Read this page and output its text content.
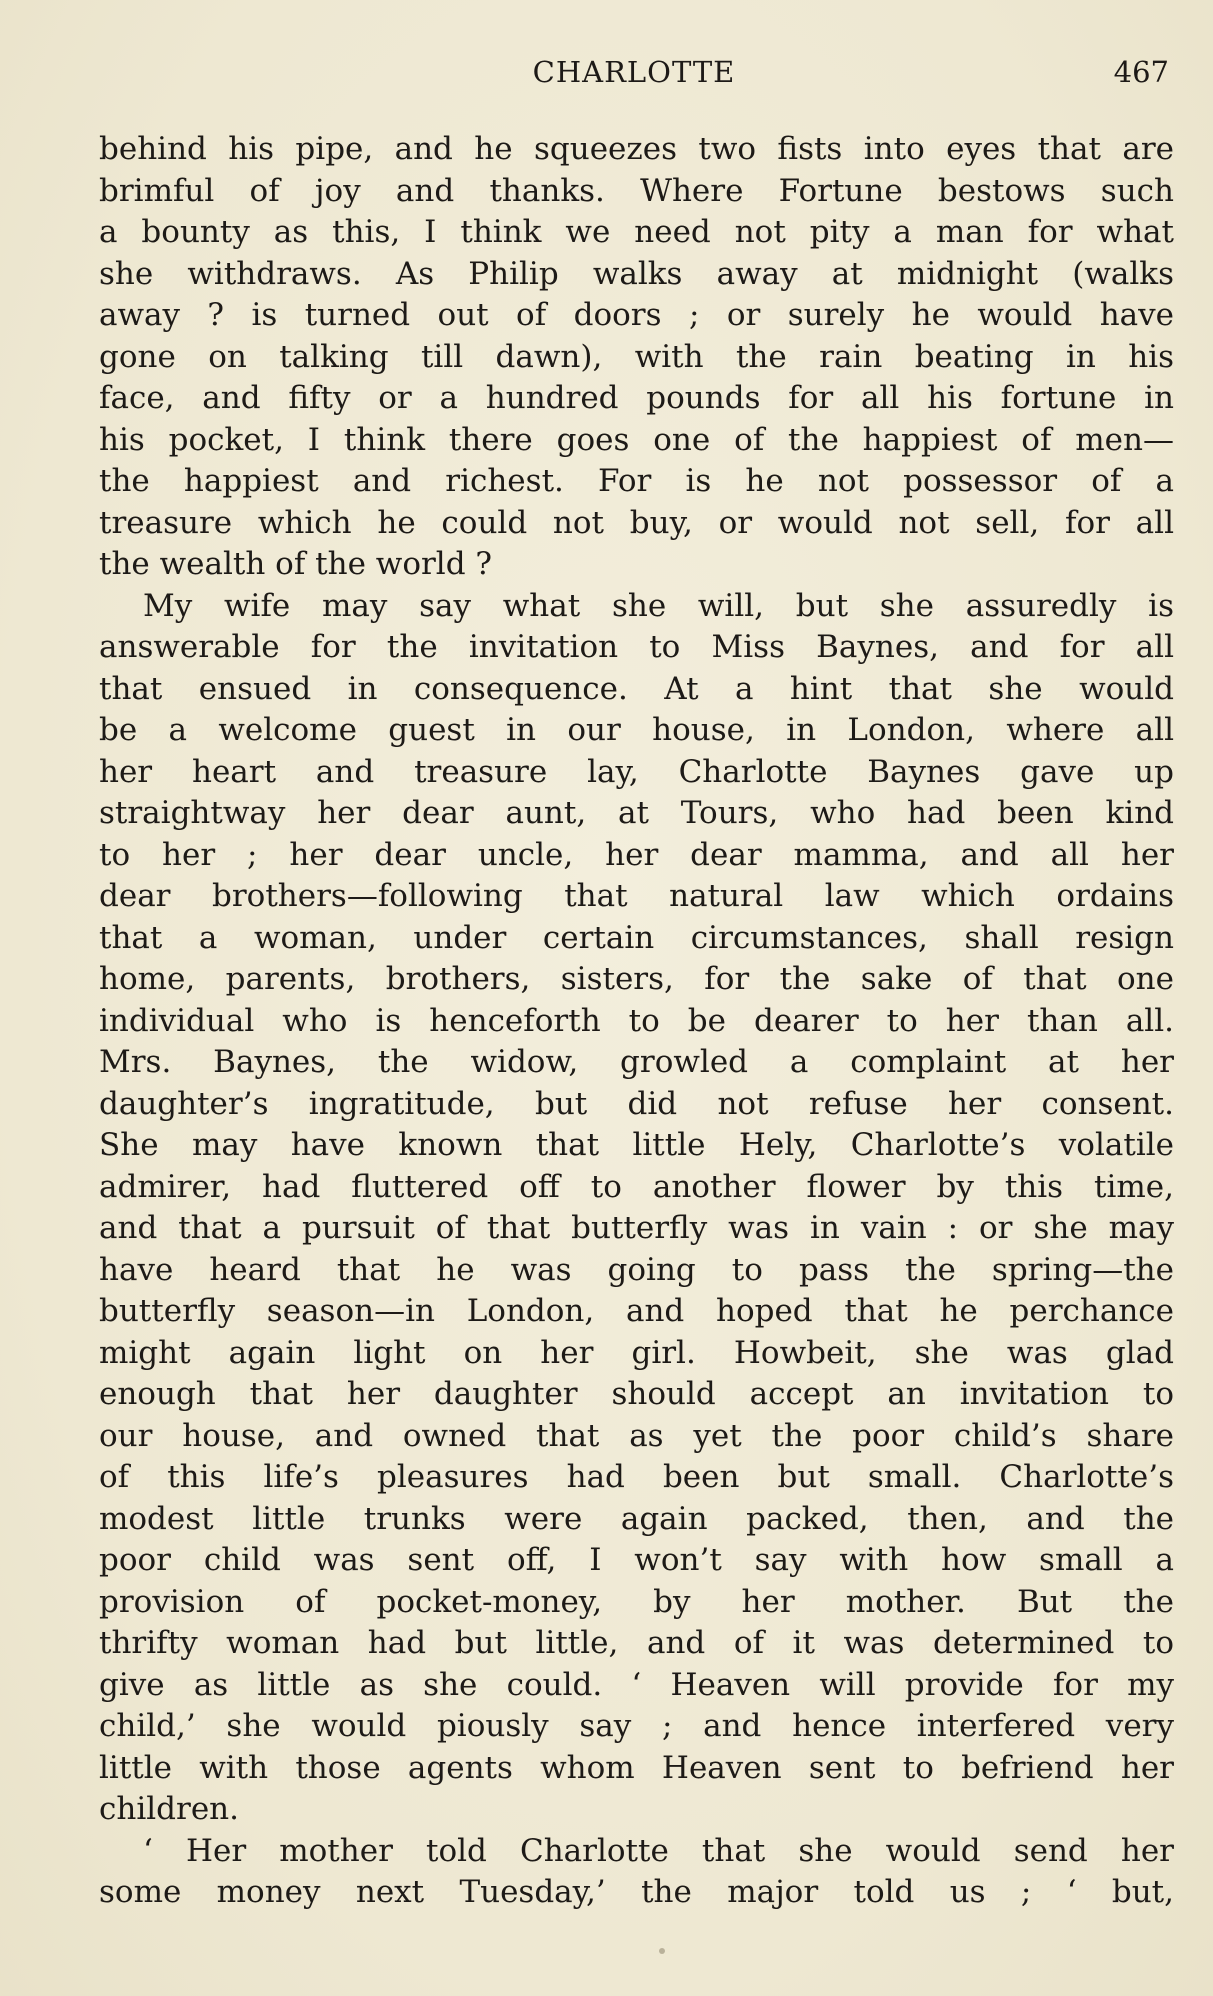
CHARLOTTE	467
behind his pipe, and he squeezes two fists into eyes that are
brimful of joy and thanks. Where Fortune bestows such
a bounty as this, I think we need not pity a man for what
she withdraws. As Philip walks away at midnight (walks
away ? is turned out of doors ; or surely he would have
gone on talking till dawn), with the rain beating in his
face, and fifty or a hundred pounds for all his fortune in
his pocket, I think there goes one of the happiest of men—
the happiest and richest. For is he not possessor of a
treasure which he could not buy, or would not sell, for all
the wealth of the world ?
My wife may say what she will, but she assuredly is
answerable for the invitation to Miss Baynes, and for all
that ensued in consequence. At a hint that she would
be a welcome guest in our house, in London, where all
her heart and treasure lay, Charlotte Baynes gave up
straightway her dear aunt, at Tours, who had been kind
to her ; her dear uncle, her dear mamma, and all her
dear brothers—following that natural law which ordains
that a woman, under certain circumstances, shall resign
home, parents, brothers, sisters, for the sake of that one
individual who is henceforth to be dearer to her than all.
Mrs. Baynes, the widow, growled a complaint at her
daughter’s ingratitude, but did not refuse her consent.
She may have known that little Hely, Charlotte’s volatile
admirer, had fluttered off to another flower by this time,
and that a pursuit of that butterfly was in vain : or she may
have heard that he was going to pass the spring—the
butterfly season—in London, and hoped that he perchance
might again light on her girl. Howbeit, she was glad
enough that her daughter should accept an invitation to
our house, and owned that as yet the poor child’s share
of this life’s pleasures had been but small. Charlotte’s
modest little trunks were again packed, then, and the
poor child was sent off, I won’t say with how small a
provision of pocket-money, by her mother. But the
thrifty woman had but little, and of it was determined to
give as little as she could. ‘ Heaven will provide for my
child,’ she would piously say ; and hence interfered very
little with those agents whom Heaven sent to befriend her
children.
‘ Her mother told Charlotte that she would send her
some money next Tuesday,’ the major told us ; ‘ but,
